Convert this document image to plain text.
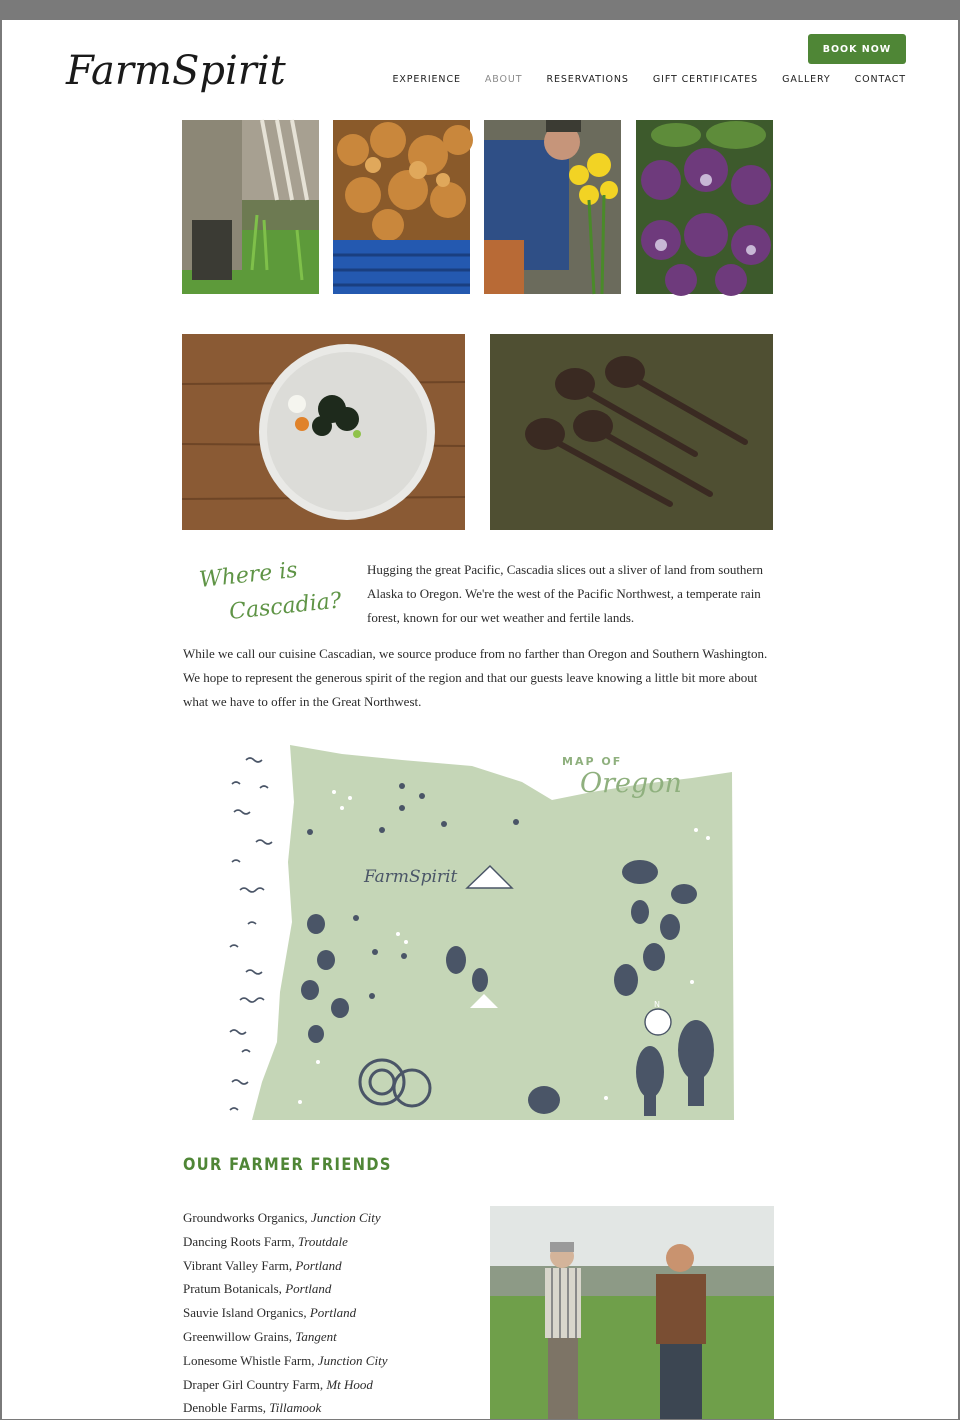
FarmSpirit	BOOK NOW
EXPERIENCE	ABOUT	RESERVATIONS	GIFT CERTIFICATES	GALLERY	CONTACT
Where is
Cascadia?

Hugging the great Pacific, Cascadia slices out a sliver of land from southern Alaska to Oregon. We're the west of the Pacific Northwest, a temperate rain forest, known for our wet weather and fertile lands.

While we call our cuisine Cascadian, we source produce from no farther than Oregon and Southern Washington. We hope to represent the generous spirit of the region and that our guests leave knowing a little bit more about what we have to offer in the Great Northwest.

FarmSpirit
N
MAP OF
Oregon
OUR FARMER FRIENDS
Groundworks Organics, Junction City
Dancing Roots Farm, Troutdale
Vibrant Valley Farm, Portland
Pratum Botanicals, Portland
Sauvie Island Organics, Portland
Greenwillow Grains, Tangent
Lonesome Whistle Farm, Junction City
Draper Girl Country Farm, Mt Hood
Denoble Farms, Tillamook
